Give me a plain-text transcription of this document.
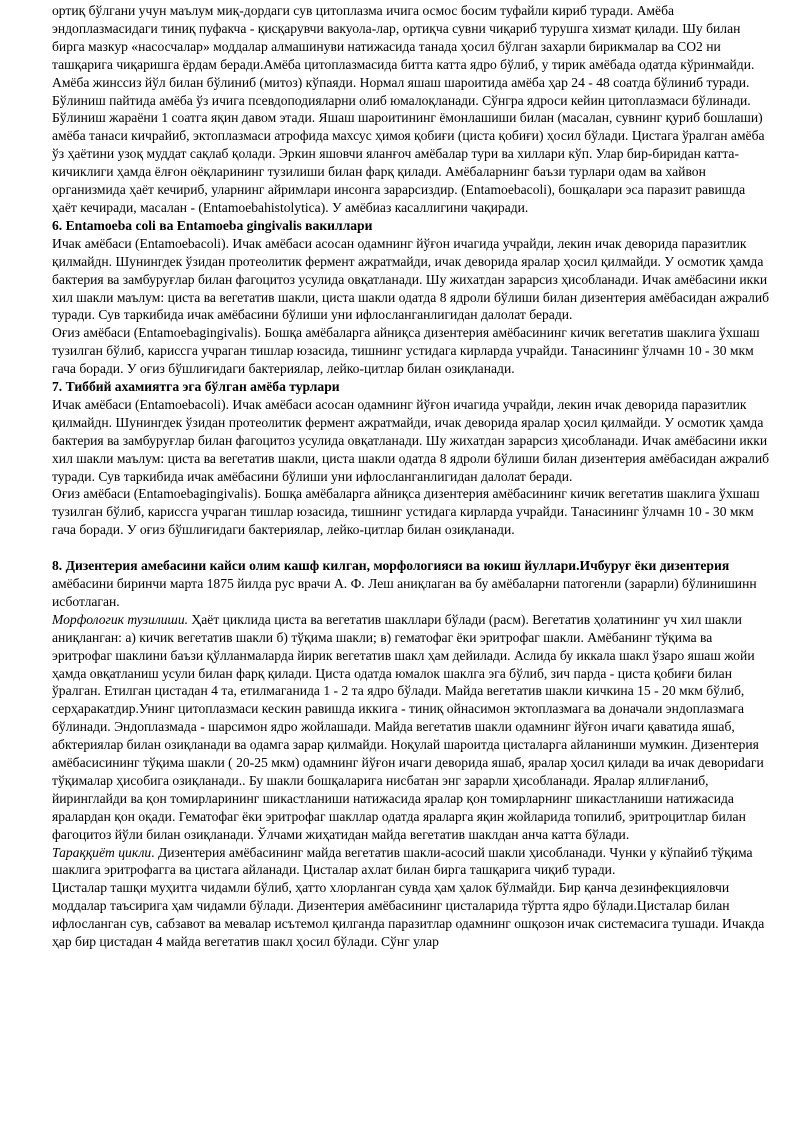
ортиқ бўлгани учун маълум миқ-дордаги сув цитоплазма ичига осмос босим туфайли кириб туради. Амёба эндоплазмасидаги тиниқ пуфакча - қисқарувчи вакуола-лар, ортиқча сувни чиқариб турушга хизмат қилади. Шу билан бирга мазкур «насосчалар» моддалар алмашинуви натижасида танада ҳосил бўлган захарли бирикмалар ва СО2 ни ташқарига чиқаришга ёрдам беради.Амёба цитоплазмасида битта катта ядро бўлиб, у тирик амёбада одатда кўринмайди. Амёба жинссиз йўл билан бўлиниб (митоз) кўпаяди. Нормал яшаш шароитида амёба ҳар 24 - 48 соатда бўлиниб туради. Бўлиниш пайтида амёба ўз ичига псевдоподияларни олиб юмалоқланади. Сўнгра ядроси кейин цитоплазмаси бўлинади. Бўлиниш жараёни 1 соатга яқин давом этади. Яшаш шароитининг ёмонлашиши билан (масалан, сувнинг қуриб бошлаши) амёба танаси кичрайиб, эктоплазмаси атрофида махсус ҳимоя қобиғи (циста қобиғи) ҳосил бўлади. Цистага ўралган амёба ўз ҳаётини узоқ муддат сақлаб қолади. Эркин яшовчи яланғоч амёбалар тури ва хиллари кўп. Улар бир-биридан катта-кичиклиги ҳамда ёлғон оёқларининг тузилиши билан фарқ қилади. Амёбаларнинг баъзи турлари одам ва хайвон организмида ҳаёт кечириб, уларнинг айримлари инсонга зарарсиздир. (Entamoebacoli), бошқалари эса паразит равишда ҳаёт кечиради, масалан - (Entamoebahistolytica). У амёбиаз касаллигини чақиради.

6. Entamoeba coli ва Entamoeba gingivalis вакиллари

Ичак амёбаси (Entamoebacoli). Ичак амёбаси асосан одамнинг йўғон ичагида учрайди, лекин ичак деворида паразитлик қилмайдн. Шунингдек ўзидан протеолитик фермент ажратмайди, ичак деворида яралар ҳосил қилмайди. У осмотик ҳамда бактерия ва замбуруғлар билан фагоцитоз усулида овқатланади. Шу жихатдан зарарсиз ҳисобланади. Ичак амёбасини икки хил шакли маълум: циста ва вегетатив шакли, циста шакли одатда 8 ядроли бўлиши билан дизентерия амёбасидан ажралиб туради. Сув таркибида ичак амёбасини бўлиши уни ифлосланганлигидан далолат беради.

Оғиз амёбаси (Entamoebagingivalis). Бошқа амёбаларга айниқса дизентерия амёбасининг кичик вегетатив шаклига ўхшаш тузилган бўлиб, кариссга учраган тишлар юзасида, тишнинг устидага кирларда учрайди. Танасининг ўлчамн 10 - 30 мкм гача боради. У оғиз бўшлиғидаги бактериялар, лейко-цитлар билан озиқланади.

7. Тиббий ахамиятга эга бўлган амёба турлари

Ичак амёбаси (Entamoebacoli). Ичак амёбаси асосан одамнинг йўғон ичагида учрайди, лекин ичак деворида паразитлик қилмайдн. Шунингдек ўзидан протеолитик фермент ажратмайди, ичак деворида яралар ҳосил қилмайди. У осмотик ҳамда бактерия ва замбуруғлар билан фагоцитоз усулида овқатланади. Шу жихатдан зарарсиз ҳисобланади. Ичак амёбасини икки хил шакли маълум: циста ва вегетатив шакли, циста шакли одатда 8 ядроли бўлиши билан дизентерия амёбасидан ажралиб туради. Сув таркибида ичак амёбасини бўлиши уни ифлосланганлигидан далолат беради.

Оғиз амёбаси (Entamoebagingivalis). Бошқа амёбаларга айниқса дизентерия амёбасининг кичик вегетатив шаклига ўхшаш тузилган бўлиб, кариссга учраган тишлар юзасида, тишнинг устидага кирларда учрайди. Танасининг ўлчамн 10 - 30 мкм гача боради. У оғиз бўшлиғидаги бактериялар, лейко-цитлар билан озиқланади.

8. Дизентерия амебасини кайси олим кашф килган, морфологияси ва юкиш йуллари.Ичбуруғ ёки дизентерия амёбасини биринчи марта 1875 йилда рус врачи А. Ф. Леш аниқлаган ва бу амёбаларни патогенли (зарарли) бўлинишинн исботлаган.

Морфологик тузилиши. Ҳаёт циклида циста ва вегетатив шакллари бўлади (расм). Вегетатив ҳолатининг уч хил шакли аниқланган: а) кичик вегетатив шакли б) тўқима шакли; в) гематофаг ёки эритрофаг шакли. Амёбанинг тўқима ва эритрофаг шаклини баъзи қўлланмаларда йирик вегетатив шакл ҳам дейилади. Аслида бу иккала шакл ўзаро яшаш жойи ҳамда овқатланиш усули билан фарқ қилади. Циста одатда юмалок шаклга эга бўлиб, зич парда - циста қобиғи билан ўралган. Етилган цистадан 4 та, етилмаганида 1 - 2 та ядро бўлади. Майда вегетатив шакли кичкина 15 - 20 мкм бўлиб, серҳаракатдир.Унинг цитоплазмаси кескин равишда иккига - тиниқ ойнасимон эктоплазмага ва доначали эндоплазмага бўлинади. Эндоплазмада - шарсимон ядро жойлашади. Майда вегетатив шакли одамнинг йўғон ичаги қаватида яшаб, абктериялар билан озиқланади ва одамга зарар қилмайди. Ноқулай шароитда цисталарга айланинши мумкин. Дизентерия амёбасисининг тўқима шакли ( 20-25 мкм) одамнинг йўғон ичаги деворида яшаб, яралар ҳосил қилади ва ичак девориdаги тўқималар ҳисобига озиқланади.. Бу шакли бошқаларига нисбатан энг зарарли ҳисобланади. Яралар яллиғланиб, йиринглайди ва қон томирларининг шикастланиши натижасида яралар қон томирларнинг шикастланиши натижасида яралардан қон оқади. Гематофаг ёки эритрофаг шакллар одатда яраларга яқин жойларида топилиб, эритроцитлар билан фагоцитоз йўли билан озиқланади. Ўлчами жиҳатидан майда вегетатив шаклдан анча катта бўлади.

Тараққиёт цикли. Дизентерия амёбасининг майда вегетатив шакли-асосий шакли ҳисобланади. Чунки у кўпайиб тўқима шаклига эритрофагга ва цистага айланади. Цисталар ахлат билан бирга ташқарига чиқиб туради.

Цисталар ташқи муҳитга чидамли бўлиб, ҳатто хлорланган сувда ҳам ҳалок бўлмайди. Бир қанча дезинфекцияловчи моддалар таъсирига ҳам чидамли бўлади. Дизентерия амёбасининг цисталарида тўртта ядро бўлади.Цисталар билан ифлосланган сув, сабзавот ва мевалар исътемол қилганда паразитлар одамнинг ошқозон ичак системасига тушади. Ичакда ҳар бир цистадан 4 майда вегетатив шакл ҳосил бўлади. Сўнг улар
